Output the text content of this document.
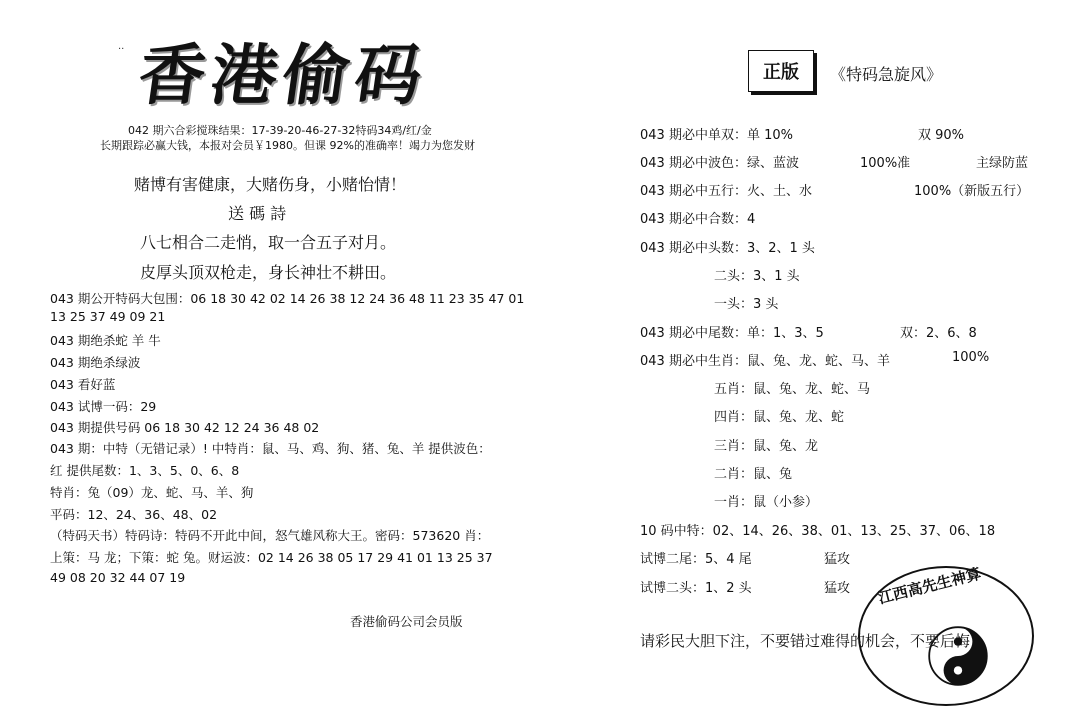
·· 香港偷码
042 期六合彩搅珠结果：17-39-20-46-27-32特码34鸡/红/金
长期跟踪必赢大钱，本报对会员￥1980。但课 92%的准确率！竭力为您发财
赌博有害健康，大赌伤身，小赌怡情！
送 碼 詩
八七相合二走悄，取一合五子对月。
皮厚头顶双枪走，身长神壮不耕田。
043 期公开特码大包围：06 18 30 42 02 14 26 38 12 24 36 48 11 23 35 47 01
13 25 37 49 09 21
043 期绝杀蛇 羊 牛
043 期绝杀绿波
043 看好蓝
043 试博一码：29
043 期提供号码 06 18 30 42 12 24 36 48 02
043 期：中特（无错记录）! 中特肖：鼠、马、鸡、狗、猪、兔、羊 提供波色：
红 提供尾数：1、3、5、0、6、8
特肖：兔（09）龙、蛇、马、羊、狗
平码：12、24、36、48、02
（特码天书）特码诗：特码不开此中间，怒气雄风称大王。密码：573620 肖：
上策：马 龙；下策：蛇 兔。财运波：02 14 26 38 05 17 29 41 01 13 25 37
49 08 20 32 44 07 19
香港偷码公司会员版
正版	《特码急旋风》
043 期必中单双：单 10%	双 90%
043 期必中波色：绿、蓝波	100%准	主绿防蓝
043 期必中五行：火、土、水	100%（新版五行）
043 期必中合数：4
043 期必中头数：3、2、1 头
二头：3、1 头
一头：3 头
043 期必中尾数：单：1、3、5	双：2、6、8
043 期必中生肖：鼠、兔、龙、蛇、马、羊	100%
五肖：鼠、兔、龙、蛇、马
四肖：鼠、兔、龙、蛇
三肖：鼠、兔、龙
二肖：鼠、兔
一肖：鼠（小参）
10 码中特：02、14、26、38、01、13、25、37、06、18
试博二尾：5、4 尾	猛攻
试博二头：1、2 头	猛攻 江西高先生神算
请彩民大胆下注，不要错过难得的机会，不要后悔
